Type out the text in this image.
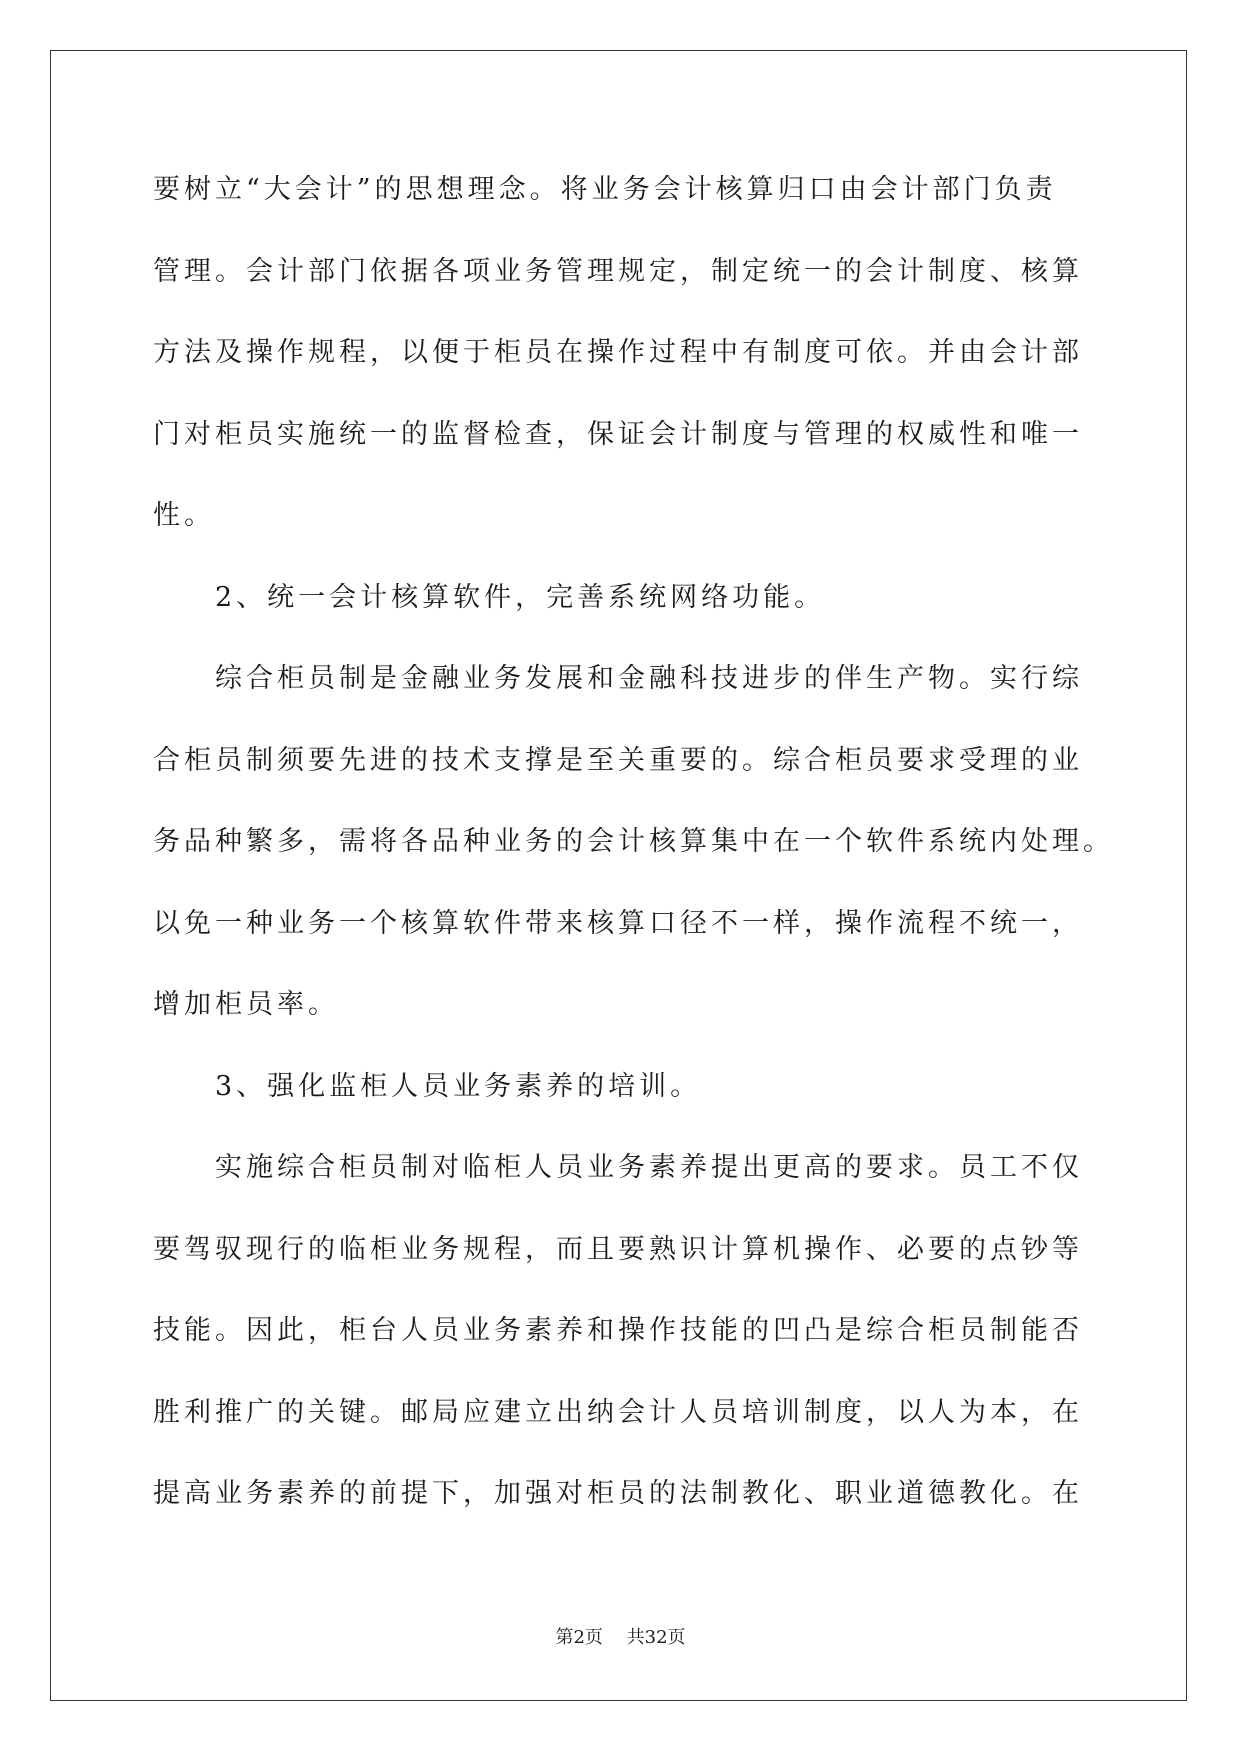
要树立“大会计”的思想理念。将业务会计核算归口由会计部门负责
管理。会计部门依据各项业务管理规定，制定统一的会计制度、核算
方法及操作规程，以便于柜员在操作过程中有制度可依。并由会计部
门对柜员实施统一的监督检查，保证会计制度与管理的权威性和唯一
性。
2、统一会计核算软件，完善系统网络功能。
综合柜员制是金融业务发展和金融科技进步的伴生产物。实行综
合柜员制须要先进的技术支撑是至关重要的。综合柜员要求受理的业
务品种繁多，需将各品种业务的会计核算集中在一个软件系统内处理。
以免一种业务一个核算软件带来核算口径不一样，操作流程不统一，
增加柜员率。
3、强化监柜人员业务素养的培训。
实施综合柜员制对临柜人员业务素养提出更高的要求。员工不仅
要驾驭现行的临柜业务规程，而且要熟识计算机操作、必要的点钞等
技能。因此，柜台人员业务素养和操作技能的凹凸是综合柜员制能否
胜利推广的关键。邮局应建立出纳会计人员培训制度，以人为本，在
提高业务素养的前提下，加强对柜员的法制教化、职业道德教化。在
第2页 共32页
